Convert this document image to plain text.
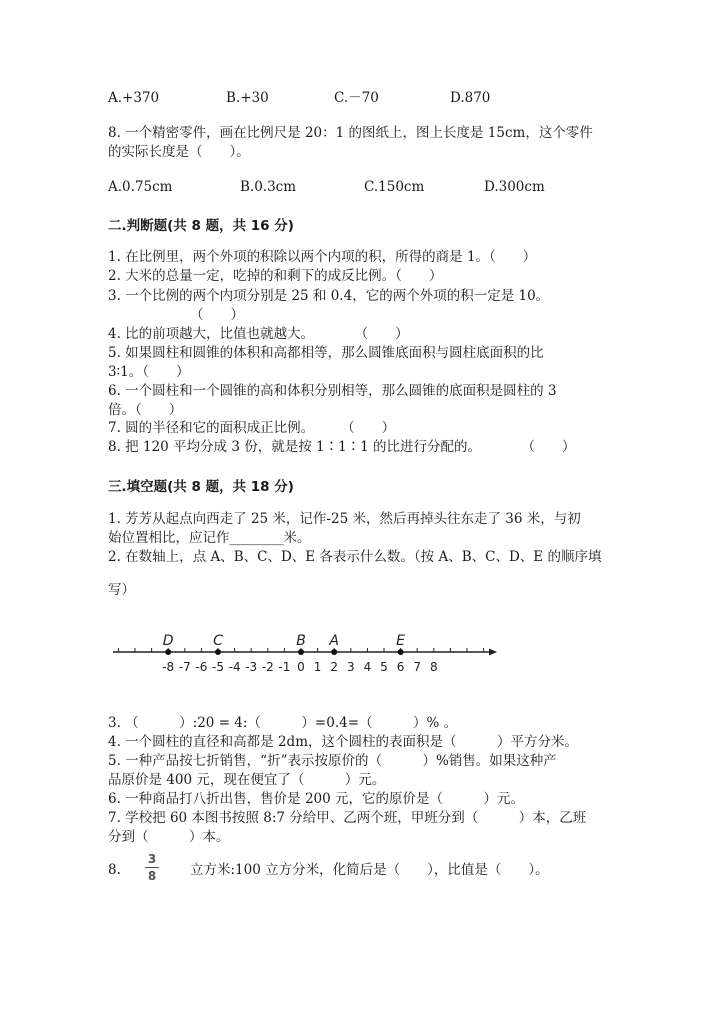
A.+370	B.+30	C.－70	D.870
8. 一个精密零件，画在比例尺是 20：1 的图纸上，图上长度是 15cm，这个零件
的实际长度是（　　）。
A.0.75cm	B.0.3cm	C.150cm	D.300cm
二.判断题(共 8 题，共 16 分)
1. 在比例里，两个外项的积除以两个内项的积，所得的商是 1。（　　）
2. 大米的总量一定，吃掉的和剩下的成反比例。（　　）
3. 一个比例的两个内项分别是 25 和 0.4，它的两个外项的积一定是 10。
（　　）
4. 比的前项越大，比值也就越大。　　　　（　　）
5. 如果圆柱和圆锥的体积和高都相等，那么圆锥底面积与圆柱底面积的比
3∶1。（　　）
6. 一个圆柱和一个圆锥的高和体积分别相等，那么圆锥的底面积是圆柱的 3
倍。（　　）
7. 圆的半径和它的面积成正比例。　　　（　　）
8. 把 120 平均分成 3 份，就是按 1∶1∶1 的比进行分配的。　　　　（　　）
三.填空题(共 8 题，共 18 分)
1. 芳芳从起点向西走了 25 米，记作-25 米，然后再掉头往东走了 36 米，与初
始位置相比，应记作________米。
2. 在数轴上，点 A、B、C、D、E 各表示什么数。（按 A、B、C、D、E 的顺序填
写）
-8 -7 -6 -5 -4 -3 -2 -1 0 1 2 3 4 5 6 7 8
D	C	B A	E
3. （　　　）:20 = 4:（　　　）=0.4=（　　　）% 。
4. 一个圆柱的直径和高都是 2dm，这个圆柱的表面积是（　　　）平方分米。
5. 一种产品按七折销售，“折”表示按原价的（　　　）%销售。如果这种产
品原价是 400 元，现在便宜了（　　　）元。
6. 一种商品打八折出售，售价是 200 元，它的原价是（　　　）元。
7. 学校把 60 本图书按照 8:7 分给甲、乙两个班，甲班分到（　　　）本，乙班
分到（　　　）本。
8.
3
8	立方米:100 立方分米，化简后是（　　），比值是（　　）。
